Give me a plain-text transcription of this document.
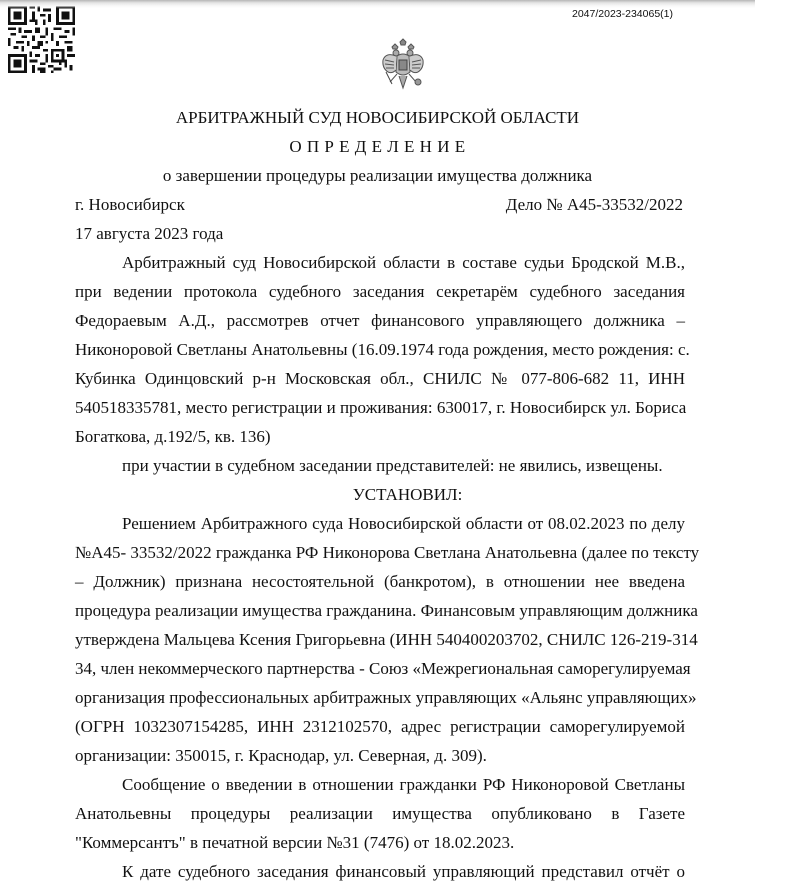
2047/2023-234065(1)
АРБИТРАЖНЫЙ СУД НОВОСИБИРСКОЙ ОБЛАСТИ
О П Р Е Д Е Л Е Н И Е
о завершении процедуры реализации имущества должника
г. Новосибирск	Дело № А45-33532/2022
17 августа 2023 года
Арбитражный суд Новосибирской области в составе судьи Бродской М.В.,
при ведении протокола судебного заседания секретарём судебного заседания
Федораевым А.Д., рассмотрев отчет финансового управляющего должника –
Никоноровой Светланы Анатольевны (16.09.1974 года рождения, место рождения: с.
Кубинка Одинцовский р-н Московская обл., СНИЛС № 077-806-682 11, ИНН
540518335781, место регистрации и проживания: 630017, г. Новосибирск ул. Бориса
Богаткова, д.192/5, кв. 136)
при участии в судебном заседании представителей: не явились, извещены.
УСТАНОВИЛ:
Решением Арбитражного суда Новосибирской области от 08.02.2023 по делу
№А45- 33532/2022 гражданка РФ Никонорова Светлана Анатольевна (далее по тексту
– Должник) признана несостоятельной (банкротом), в отношении нее введена
процедура реализации имущества гражданина. Финансовым управляющим должника
утверждена Мальцева Ксения Григорьевна (ИНН 540400203702, СНИЛС 126-219-314
34, член некоммерческого партнерства - Союз «Межрегиональная саморегулируемая
организация профессиональных арбитражных управляющих «Альянс управляющих»
(ОГРН 1032307154285, ИНН 2312102570, адрес регистрации саморегулируемой
организации: 350015, г. Краснодар, ул. Северная, д. 309).
Сообщение о введении в отношении гражданки РФ Никоноровой Светланы
Анатольевны процедуры реализации имущества опубликовано в Газете
"Коммерсантъ" в печатной версии №31 (7476) от 18.02.2023.
К дате судебного заседания финансовый управляющий представил отчёт о
